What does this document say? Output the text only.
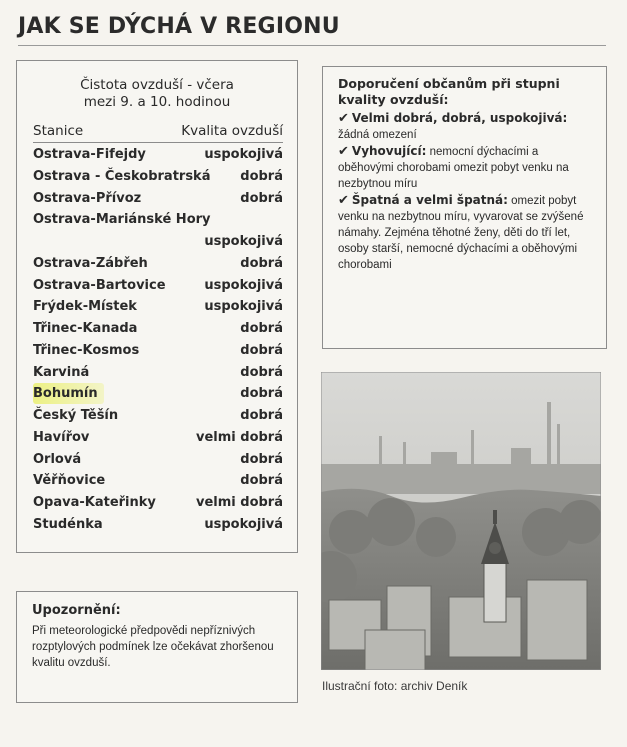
JAK SE DÝCHÁ V REGIONU
Čistota ovzduší - včera
mezi 9. a 10. hodinou
Stanice	Kvalita ovzduší
Ostrava-Fifejdy	uspokojivá
Ostrava - Českobratrská dobrá
Ostrava-Přívoz	dobrá
Ostrava-Mariánské Hory
uspokojivá
Ostrava-Zábřeh	dobrá
Ostrava-Bartovice	uspokojivá
Frýdek-Místek	uspokojivá
Třinec-Kanada	dobrá
Třinec-Kosmos	dobrá
Karviná	dobrá
Bohumín	dobrá
Český Těšín	dobrá
Havířov	velmi dobrá
Orlová	dobrá
Věřňovice	dobrá
Opava-Kateřinky	velmi dobrá
Studénka	uspokojivá

Doporučení občanům při stupni kvality ovzduší:

✔ Velmi dobrá, dobrá, uspokojivá: žádná omezení

✔ Vyhovující: nemocní dýchacími a oběhovými chorobami omezit pobyt venku na nezbytnou míru

✔ Špatná a velmi špatná: omezit pobyt venku na nezbytnou míru, vyvarovat se zvýšené námahy. Zejména těhotné ženy, děti do tří let, osoby starší, nemocné dýchacími a oběhovými chorobami

Ilustrační foto: archiv Deník

Upozornění:

Při meteorologické předpovědi nepříznivých rozptylových podmínek lze očekávat zhoršenou kvalitu ovzduší.
